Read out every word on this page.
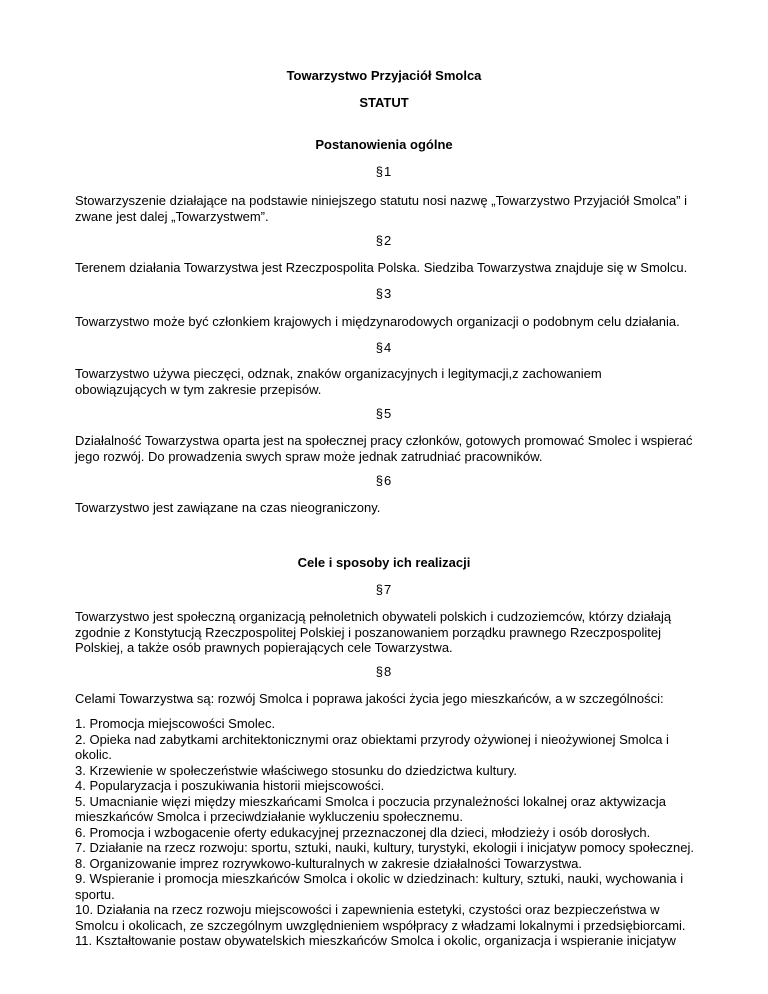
Towarzystwo Przyjaciół Smolca
STATUT
Postanowienia ogólne
§1
Stowarzyszenie działające na podstawie niniejszego statutu nosi nazwę „Towarzystwo Przyjaciół Smolca” i zwane jest dalej „Towarzystwem”.
§2
Terenem działania Towarzystwa jest Rzeczpospolita Polska. Siedziba Towarzystwa znajduje się w Smolcu.
§3
Towarzystwo może być członkiem krajowych i międzynarodowych organizacji o podobnym celu działania.
§4
Towarzystwo używa pieczęci, odznak, znaków organizacyjnych i legitymacji,z zachowaniem obowiązujących w tym zakresie przepisów.
§5
Działalność Towarzystwa oparta jest na społecznej pracy członków, gotowych promować Smolec i wspierać jego rozwój. Do prowadzenia swych spraw może jednak zatrudniać pracowników.
§6
Towarzystwo jest zawiązane na czas nieograniczony.
Cele i sposoby ich realizacji
§7
Towarzystwo jest społeczną organizacją pełnoletnich obywateli polskich i cudzoziemców, którzy działają zgodnie z Konstytucją Rzeczpospolitej Polskiej i poszanowaniem porządku prawnego Rzeczpospolitej Polskiej, a także osób prawnych popierających cele Towarzystwa.
§8
Celami Towarzystwa są: rozwój Smolca i poprawa jakości życia jego mieszkańców, a w szczególności:
1. Promocja miejscowości Smolec.
2. Opieka nad zabytkami architektonicznymi oraz obiektami przyrody ożywionej i nieożywionej Smolca i okolic.
3. Krzewienie w społeczeństwie właściwego stosunku do dziedzictwa kultury.
4. Popularyzacja i poszukiwania historii miejscowości.
5. Umacnianie więzi między mieszkańcami Smolca i poczucia przynależności lokalnej oraz aktywizacja mieszkańców Smolca i przeciwdziałanie wykluczeniu społecznemu.
6. Promocja i wzbogacenie oferty edukacyjnej przeznaczonej dla dzieci, młodzieży i osób dorosłych.
7. Działanie na rzecz rozwoju: sportu, sztuki, nauki, kultury, turystyki, ekologii i inicjatyw pomocy społecznej.
8. Organizowanie imprez rozrywkowo-kulturalnych w zakresie działalności Towarzystwa.
9. Wspieranie i promocja mieszkańców Smolca i okolic w dziedzinach: kultury, sztuki, nauki, wychowania i sportu.
10. Działania na rzecz rozwoju miejscowości i zapewnienia estetyki, czystości oraz bezpieczeństwa w Smolcu i okolicach, ze szczególnym uwzględnieniem współpracy z władzami lokalnymi i przedsiębiorcami.
11. Kształtowanie postaw obywatelskich mieszkańców Smolca i okolic, organizacja i wspieranie inicjatyw
